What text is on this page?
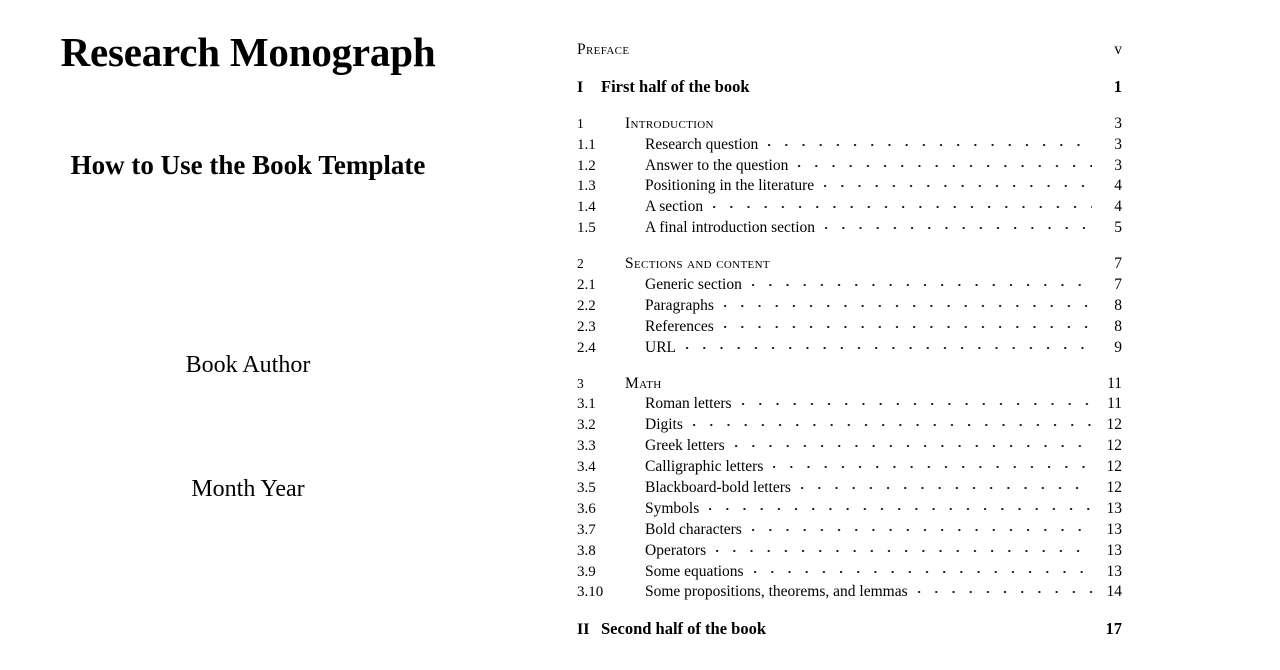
Research Monograph
How to Use the Book Template
Book Author
Month Year
Preface	v
I	First half of the book	1
1	Introduction	3
1.1	Research question	3
1.2	Answer to the question	3
1.3	Positioning in the literature	4
1.4	A section	4
1.5	A final introduction section	5
2	Sections and content	7
2.1	Generic section	7
2.2	Paragraphs	8
2.3	References	8
2.4	URL	9
3	Math	11
3.1	Roman letters	11
3.2	Digits	12
3.3	Greek letters	12
3.4	Calligraphic letters	12
3.5	Blackboard-bold letters	12
3.6	Symbols	13
3.7	Bold characters	13
3.8	Operators	13
3.9	Some equations	13
3.10	Some propositions, theorems, and lemmas	14
II Second half of the book	17
